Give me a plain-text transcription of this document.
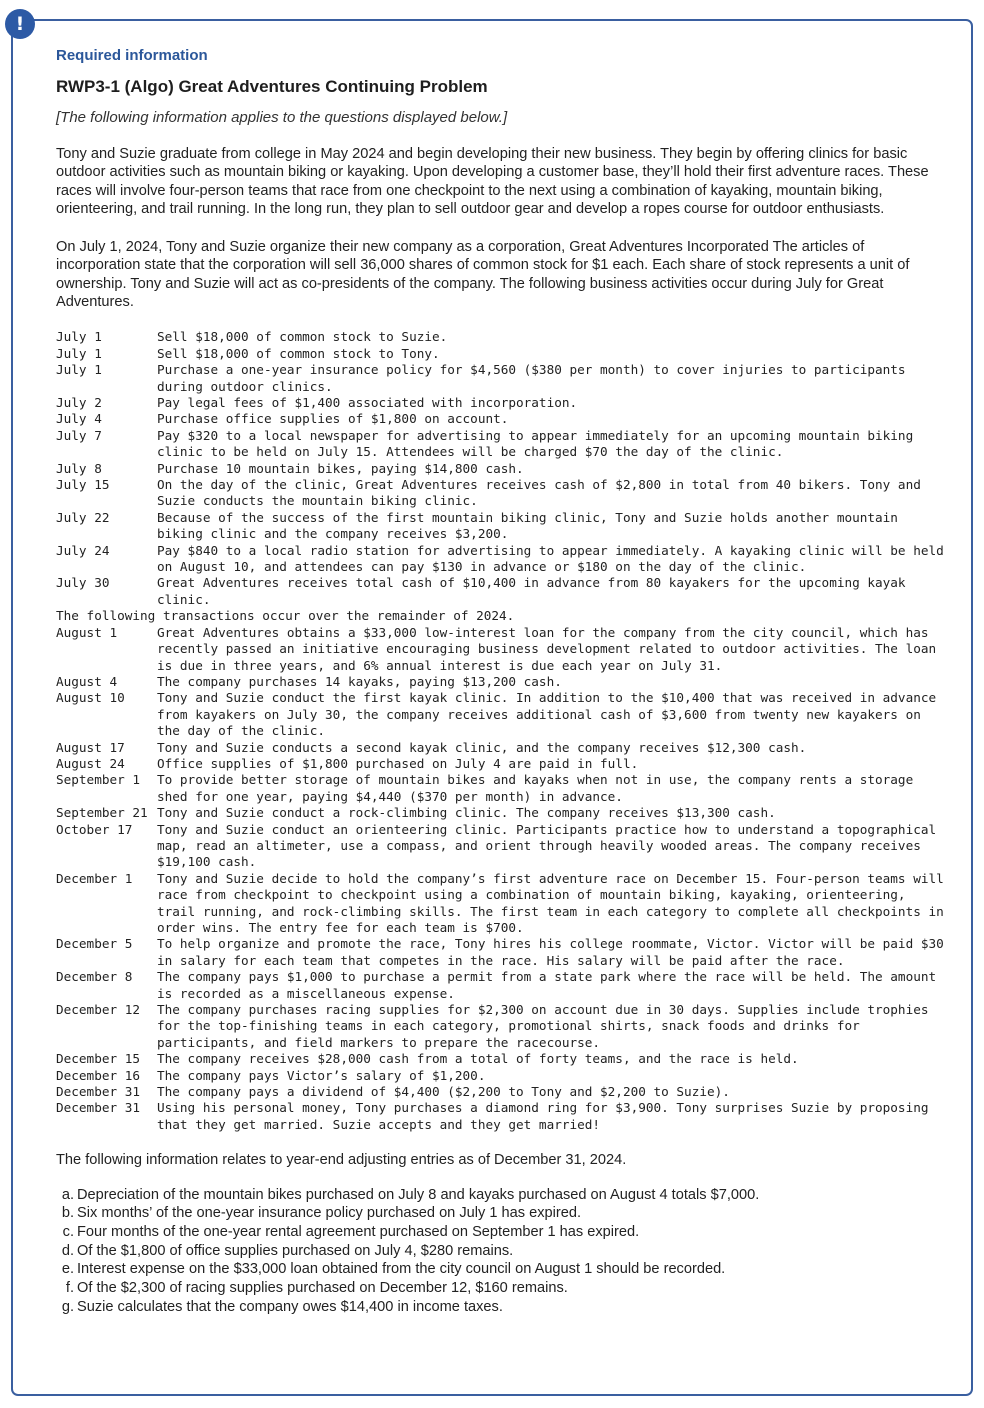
!

Required information

RWP3-1 (Algo) Great Adventures Continuing Problem

[The following information applies to the questions displayed below.]

Tony and Suzie graduate from college in May 2024 and begin developing their new business. They begin by offering clinics for basic outdoor activities such as mountain biking or kayaking. Upon developing a customer base, they’ll hold their first adventure races. These races will involve four-person teams that race from one checkpoint to the next using a combination of kayaking, mountain biking, orienteering, and trail running. In the long run, they plan to sell outdoor gear and develop a ropes course for outdoor enthusiasts.

On July 1, 2024, Tony and Suzie organize their new company as a corporation, Great Adventures Incorporated The articles of incorporation state that the corporation will sell 36,000 shares of common stock for $1 each. Each share of stock represents a unit of ownership. Tony and Suzie will act as co-presidents of the company. The following business activities occur during July for Great Adventures.

July 1	Sell $18,000 of common stock to Suzie.
July 1	Sell $18,000 of common stock to Tony.
July 1	Purchase a one-year insurance policy for $4,560 ($380 per month) to cover injuries to participants during outdoor clinics.
July 2	Pay legal fees of $1,400 associated with incorporation.
July 4	Purchase office supplies of $1,800 on account.
July 7	Pay $320 to a local newspaper for advertising to appear immediately for an upcoming mountain biking clinic to be held on July 15. Attendees will be charged $70 the day of the clinic.
July 8	Purchase 10 mountain bikes, paying $14,800 cash.
July 15	On the day of the clinic, Great Adventures receives cash of $2,800 in total from 40 bikers. Tony and Suzie conducts the mountain biking clinic.
July 22	Because of the success of the first mountain biking clinic, Tony and Suzie holds another mountain biking clinic and the company receives $3,200.
July 24	Pay $840 to a local radio station for advertising to appear immediately. A kayaking clinic will be held on August 10, and attendees can pay $130 in advance or $180 on the day of the clinic.
July 30	Great Adventures receives total cash of $10,400 in advance from 80 kayakers for the upcoming kayak clinic.
The following transactions occur over the remainder of 2024.
August 1	Great Adventures obtains a $33,000 low-interest loan for the company from the city council, which has recently passed an initiative encouraging business development related to outdoor activities. The loan is due in three years, and 6% annual interest is due each year on July 31.
August 4	The company purchases 14 kayaks, paying $13,200 cash.
August 10	Tony and Suzie conduct the first kayak clinic. In addition to the $10,400 that was received in advance from kayakers on July 30, the company receives additional cash of $3,600 from twenty new kayakers on the day of the clinic.
August 17	Tony and Suzie conducts a second kayak clinic, and the company receives $12,300 cash.
August 24	Office supplies of $1,800 purchased on July 4 are paid in full.
September 1	To provide better storage of mountain bikes and kayaks when not in use, the company rents a storage shed for one year, paying $4,440 ($370 per month) in advance.
September 21 Tony and Suzie conduct a rock-climbing clinic. The company receives $13,300 cash.
October 17	Tony and Suzie conduct an orienteering clinic. Participants practice how to understand a topographical map, read an altimeter, use a compass, and orient through heavily wooded areas. The company receives $19,100 cash.
December 1	Tony and Suzie decide to hold the company’s first adventure race on December 15. Four-person teams will race from checkpoint to checkpoint using a combination of mountain biking, kayaking, orienteering, trail running, and rock-climbing skills. The first team in each category to complete all checkpoints in order wins. The entry fee for each team is $700.
December 5	To help organize and promote the race, Tony hires his college roommate, Victor. Victor will be paid $30 in salary for each team that competes in the race. His salary will be paid after the race.
December 8	The company pays $1,000 to purchase a permit from a state park where the race will be held. The amount is recorded as a miscellaneous expense.
December 12	The company purchases racing supplies for $2,300 on account due in 30 days. Supplies include trophies for the top-finishing teams in each category, promotional shirts, snack foods and drinks for participants, and field markers to prepare the racecourse.
December 15	The company receives $28,000 cash from a total of forty teams, and the race is held.
December 16	The company pays Victor’s salary of $1,200.
December 31	The company pays a dividend of $4,400 ($2,200 to Tony and $2,200 to Suzie).
December 31	Using his personal money, Tony purchases a diamond ring for $3,900. Tony surprises Suzie by proposing that they get married. Suzie accepts and they get married!

The following information relates to year-end adjusting entries as of December 31, 2024.

a. Depreciation of the mountain bikes purchased on July 8 and kayaks purchased on August 4 totals $7,000.
b. Six months’ of the one-year insurance policy purchased on July 1 has expired.
c. Four months of the one-year rental agreement purchased on September 1 has expired.
d. Of the $1,800 of office supplies purchased on July 4, $280 remains.
e. Interest expense on the $33,000 loan obtained from the city council on August 1 should be recorded.
f. Of the $2,300 of racing supplies purchased on December 12, $160 remains.
g. Suzie calculates that the company owes $14,400 in income taxes.
